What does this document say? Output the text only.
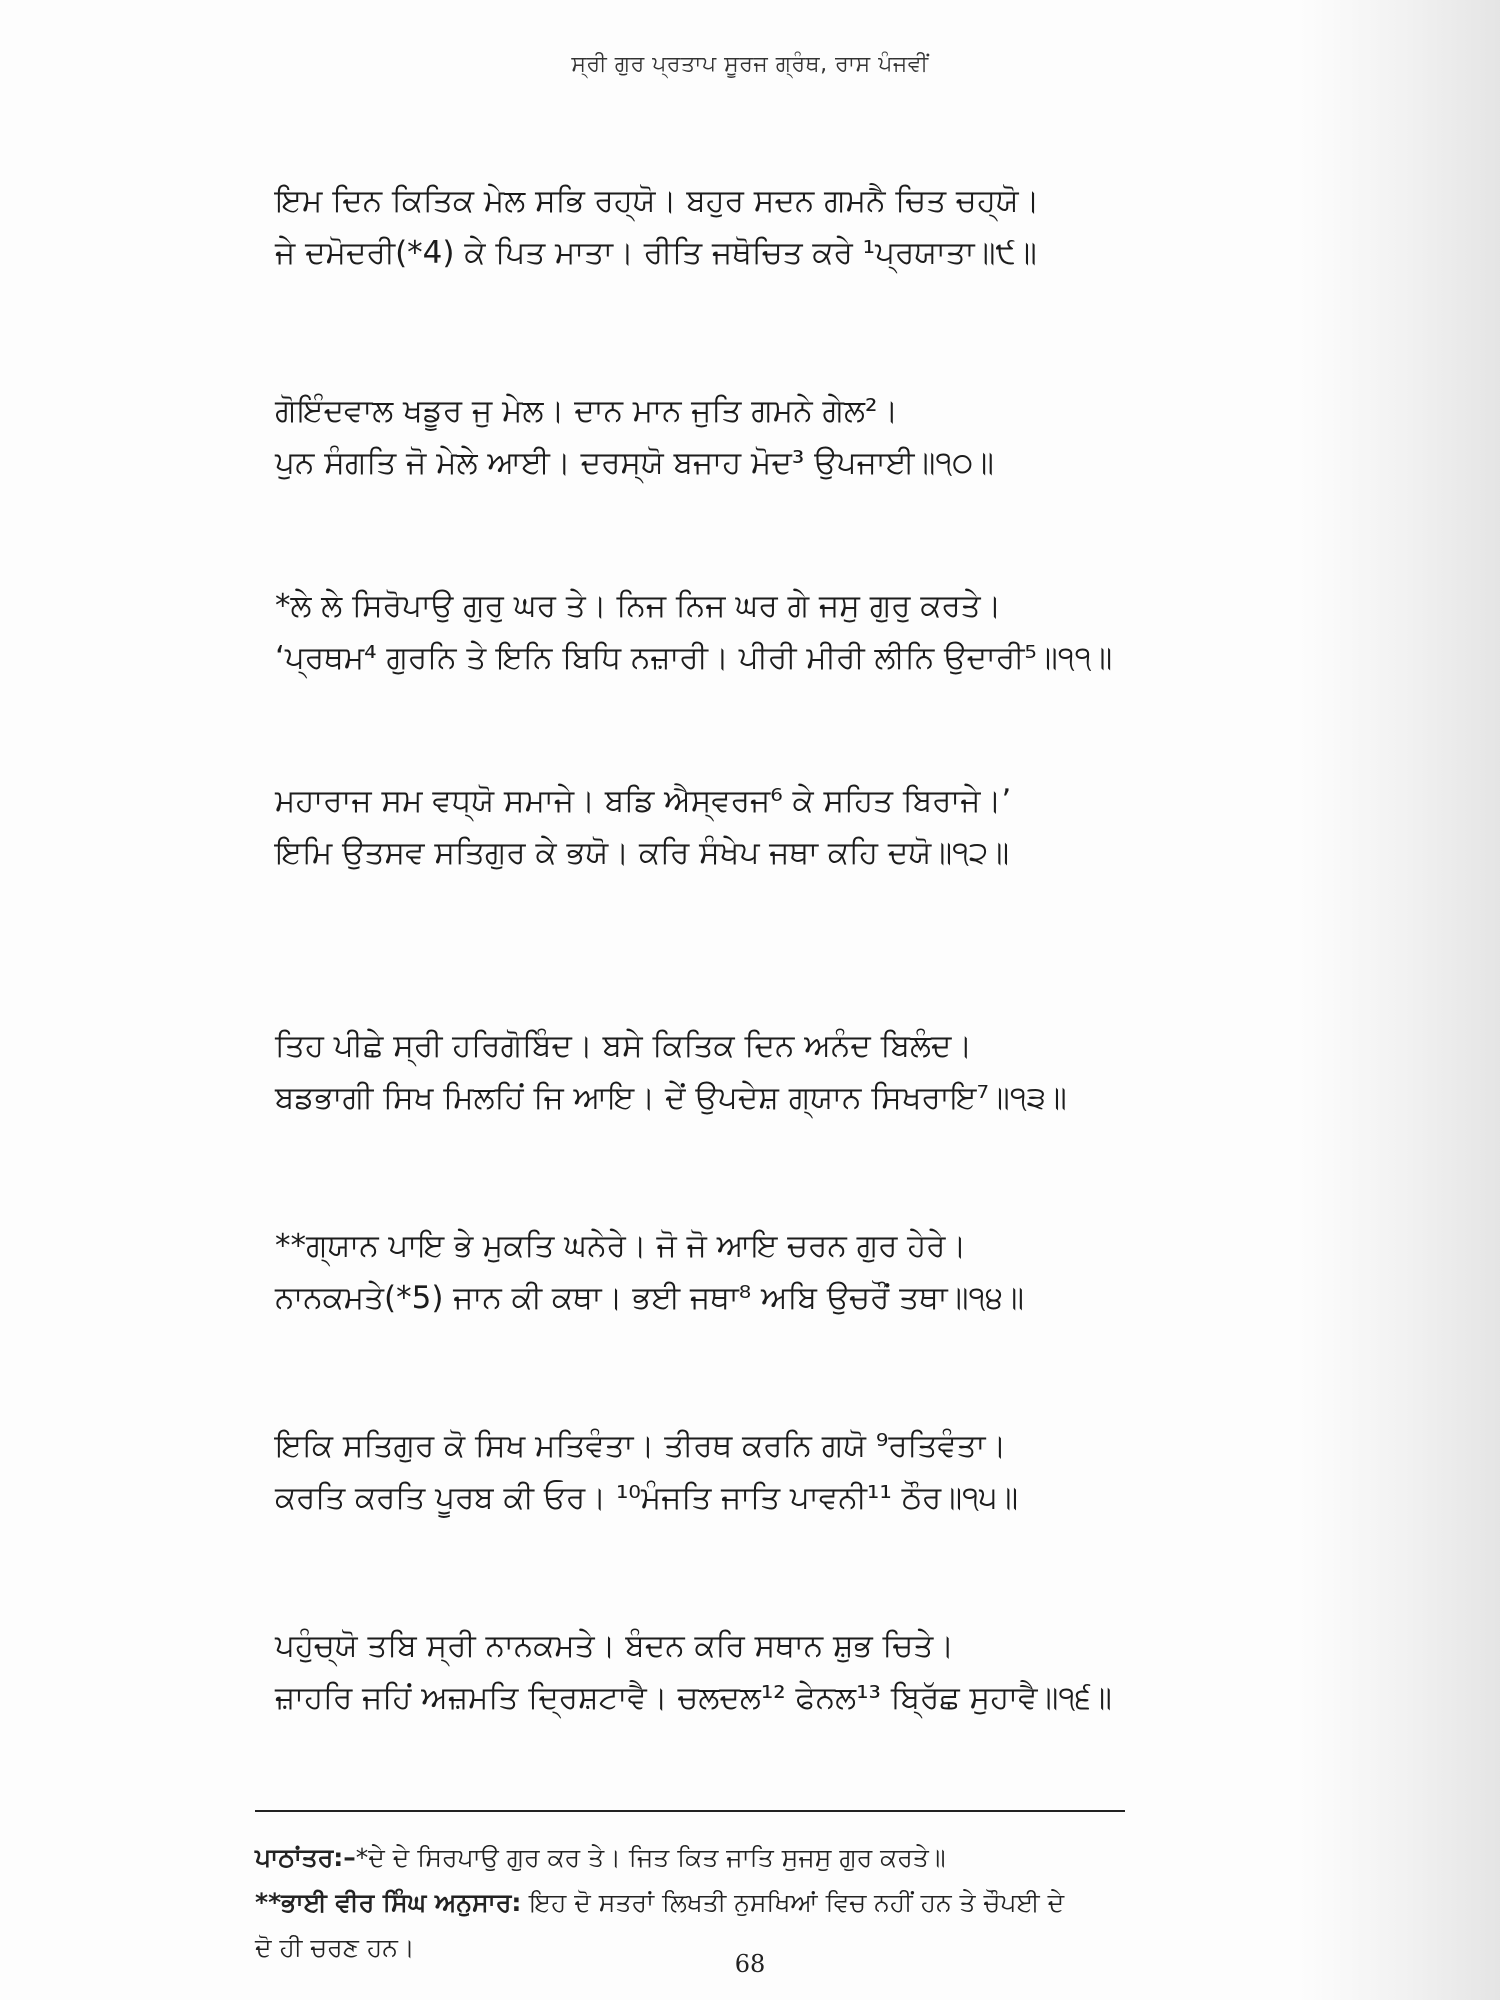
ਸ੍ਰੀ ਗੁਰ ਪ੍ਰਤਾਪ ਸੂਰਜ ਗ੍ਰੰਥ, ਰਾਸ ਪੰਜਵੀਂ
ਇਮ ਦਿਨ ਕਿਤਿਕ ਮੇਲ ਸਭਿ ਰਹ੍ਯੋ। ਬਹੁਰ ਸਦਨ ਗਮਨੈ ਚਿਤ ਚਹ੍ਯੋ।
ਜੇ ਦਮੋਦਰੀ(*4) ਕੇ ਪਿਤ ਮਾਤਾ। ਰੀਤਿ ਜਥੋਚਿਤ ਕਰੇ ¹ਪ੍ਰਯਾਤਾ॥੯॥
ਗੋਇੰਦਵਾਲ ਖਡੂਰ ਜੁ ਮੇਲ। ਦਾਨ ਮਾਨ ਜੁਤਿ ਗਮਨੇ ਗੇਲ²।
ਪੁਨ ਸੰਗਤਿ ਜੋ ਮੇਲੇ ਆਈ। ਦਰਸ੍ਯੋ ਬਜਾਹ ਮੋਦ³ ਉਪਜਾਈ॥੧੦॥
*ਲੇ ਲੇ ਸਿਰੋਪਾਉ ਗੁਰੁ ਘਰ ਤੇ। ਨਿਜ ਨਿਜ ਘਰ ਗੇ ਜਸੁ ਗੁਰੁ ਕਰਤੇ।
‘ਪ੍ਰਥਮ⁴ ਗੁਰਨਿ ਤੇ ਇਨਿ ਬਿਧਿ ਨਜ਼ਾਰੀ। ਪੀਰੀ ਮੀਰੀ ਲੀਨਿ ਉਦਾਰੀ⁵॥੧੧॥
ਮਹਾਰਾਜ ਸਮ ਵਧ੍ਯੋ ਸਮਾਜੇ। ਬਡਿ ਐਸ੍ਵਰਜ⁶ ਕੇ ਸਹਿਤ ਬਿਰਾਜੇ।’
ਇਮਿ ਉਤਸਵ ਸਤਿਗੁਰ ਕੇ ਭਯੋ। ਕਰਿ ਸੰਖੇਪ ਜਥਾ ਕਹਿ ਦਯੋ॥੧੨॥
ਤਿਹ ਪੀਛੇ ਸ੍ਰੀ ਹਰਿਗੋਬਿੰਦ। ਬਸੇ ਕਿਤਿਕ ਦਿਨ ਅਨੰਦ ਬਿਲੰਦ।
ਬਡਭਾਗੀ ਸਿਖ ਮਿਲਹਿਂ ਜਿ ਆਇ। ਦੇਂ ਉਪਦੇਸ਼ ਗ੍ਯਾਨ ਸਿਖਰਾਇ⁷॥੧੩॥
**ਗ੍ਯਾਨ ਪਾਇ ਭੇ ਮੁਕਤਿ ਘਨੇਰੇ। ਜੋ ਜੋ ਆਇ ਚਰਨ ਗੁਰ ਹੇਰੇ।
ਨਾਨਕਮਤੇ(*5) ਜਾਨ ਕੀ ਕਥਾ। ਭਈ ਜਥਾ⁸ ਅਬਿ ਉਚਰੌਂ ਤਥਾ॥੧੪॥
ਇਕਿ ਸਤਿਗੁਰ ਕੋ ਸਿਖ ਮਤਿਵੰਤਾ। ਤੀਰਥ ਕਰਨਿ ਗਯੋ ⁹ਰਤਿਵੰਤਾ।
ਕਰਤਿ ਕਰਤਿ ਪੂਰਬ ਕੀ ਓਰ। ¹⁰ਮੰਜਤਿ ਜਾਤਿ ਪਾਵਨੀ¹¹ ਠੌਰ॥੧੫॥
ਪਹੁੰਚ੍ਯੋ ਤਬਿ ਸ੍ਰੀ ਨਾਨਕਮਤੇ। ਬੰਦਨ ਕਰਿ ਸਥਾਨ ਸ਼ੁਭ ਚਿਤੇ।
ਜ਼ਾਹਰਿ ਜਹਿਂ ਅਜ਼ਮਤਿ ਦ੍ਰਿਸ਼ਟਾਵੈ। ਚਲਦਲ¹² ਫੇਨਲ¹³ ਬ੍ਰਿੱਛ ਸੁਹਾਵੈ॥੧੬॥
ਪਾਠਾਂਤਰ:–*ਦੇ ਦੇ ਸਿਰਪਾਉ ਗੁਰ ਕਰ ਤੇ। ਜਿਤ ਕਿਤ ਜਾਤਿ ਸੁਜਸੁ ਗੁਰ ਕਰਤੇ॥
**ਭਾਈ ਵੀਰ ਸਿੰਘ ਅਨੁਸਾਰ: ਇਹ ਦੋ ਸਤਰਾਂ ਲਿਖਤੀ ਨੁਸਖਿਆਂ ਵਿਚ ਨਹੀਂ ਹਨ ਤੇ ਚੌਪਈ ਦੇ
ਦੋ ਹੀ ਚਰਣ ਹਨ।
68
